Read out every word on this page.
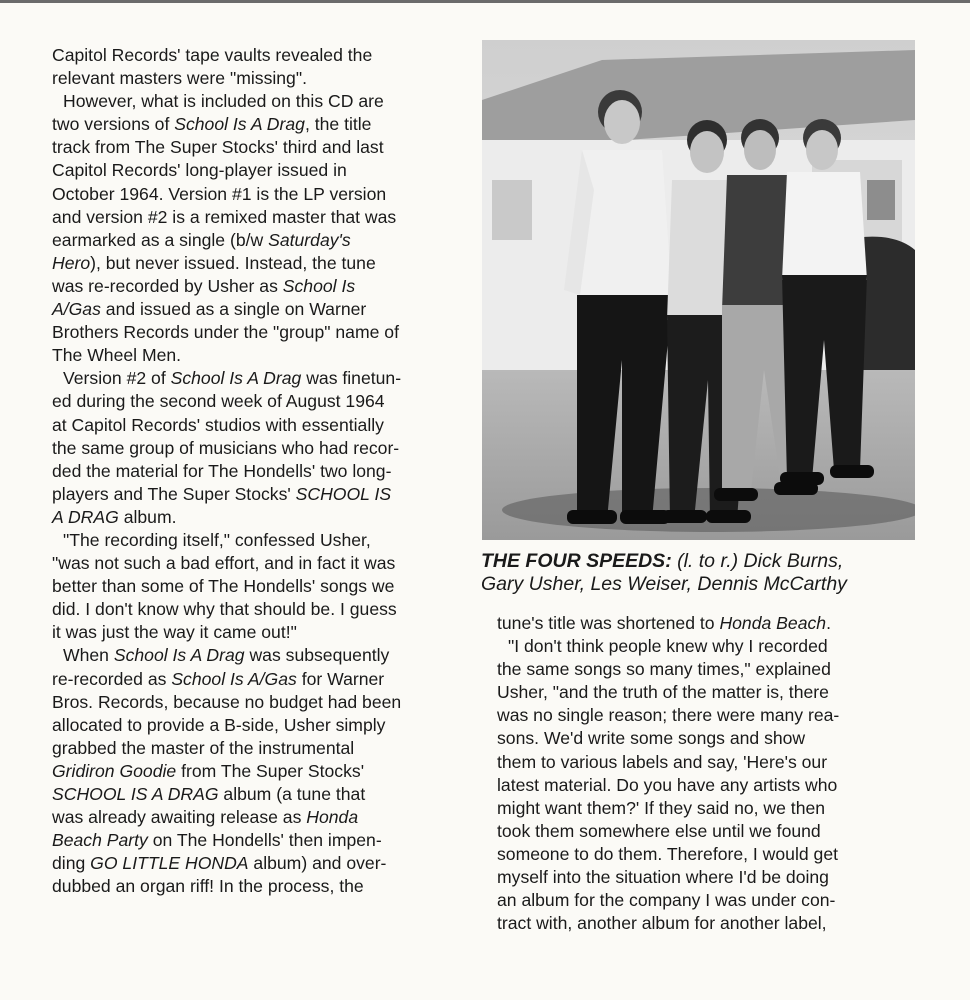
Capitol Records' tape vaults revealed the
relevant masters were "missing".
However, what is included on this CD are
two versions of School Is A Drag, the title
track from The Super Stocks' third and last
Capitol Records' long-player issued in
October 1964. Version #1 is the LP version
and version #2 is a remixed master that was
earmarked as a single (b/w Saturday's
Hero), but never issued. Instead, the tune
was re-recorded by Usher as School Is
A/Gas and issued as a single on Warner
Brothers Records under the "group" name of
The Wheel Men.
Version #2 of School Is A Drag was finetun-
ed during the second week of August 1964
at Capitol Records' studios with essentially
the same group of musicians who had recor-
ded the material for The Hondells' two long-
players and The Super Stocks' SCHOOL IS
A DRAG album.
"The recording itself," confessed Usher,
"was not such a bad effort, and in fact it was
better than some of The Hondells' songs we
did. I don't know why that should be. I guess
it was just the way it came out!"
When School Is A Drag was subsequently
re-recorded as School Is A/Gas for Warner
Bros. Records, because no budget had been
allocated to provide a B-side, Usher simply
grabbed the master of the instrumental
Gridiron Goodie from The Super Stocks'
SCHOOL IS A DRAG album (a tune that
was already awaiting release as Honda
Beach Party on The Hondells' then impen-
ding GO LITTLE HONDA album) and over-
dubbed an organ riff! In the process, the
THE FOUR SPEEDS: (l. to r.) Dick Burns,
Gary Usher, Les Weiser, Dennis McCarthy
tune's title was shortened to Honda Beach.
"I don't think people knew why I recorded
the same songs so many times," explained
Usher, "and the truth of the matter is, there
was no single reason; there were many rea-
sons. We'd write some songs and show
them to various labels and say, 'Here's our
latest material. Do you have any artists who
might want them?' If they said no, we then
took them somewhere else until we found
someone to do them. Therefore, I would get
myself into the situation where I'd be doing
an album for the company I was under con-
tract with, another album for another label,
